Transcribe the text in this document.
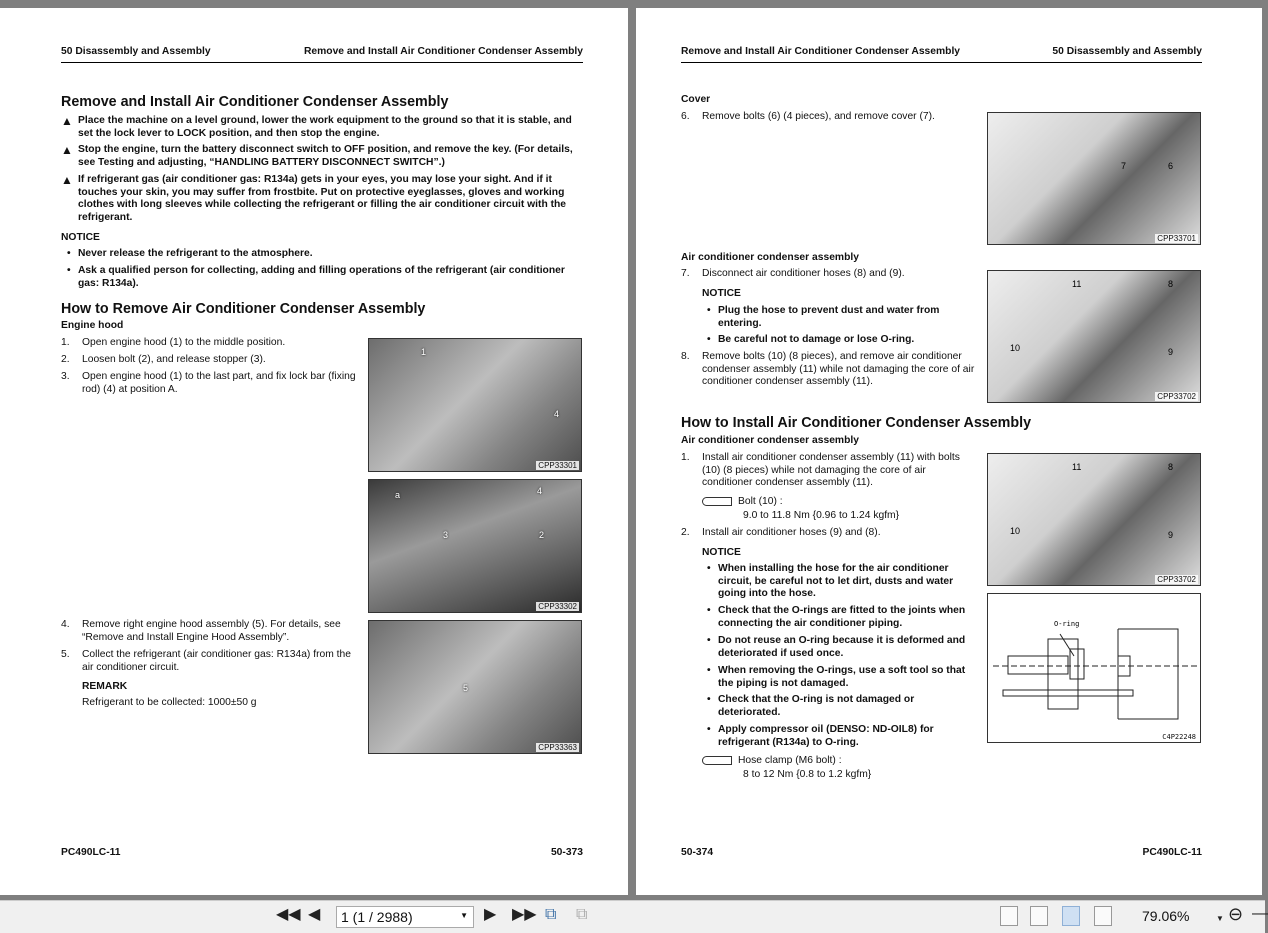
50 Disassembly and Assembly	Remove and Install Air Conditioner Condenser Assembly
Remove and Install Air Conditioner Condenser Assembly
▲ Place the machine on a level ground, lower the work equipment to the ground so that it is stable, and set the lock lever to LOCK position, and then stop the engine.
▲ Stop the engine, turn the battery disconnect switch to OFF position, and remove the key. (For details, see Testing and adjusting, “HANDLING BATTERY DISCONNECT SWITCH”.)
▲ If refrigerant gas (air conditioner gas: R134a) gets in your eyes, you may lose your sight. And if it touches your skin, you may suffer from frostbite. Put on protective eyeglasses, gloves and working clothes with long sleeves while collecting the refrigerant or filling the air conditioner circuit with the refrigerant.
NOTICE
• Never release the refrigerant to the atmosphere.
• Ask a qualified person for collecting, adding and filling operations of the refrigerant (air conditioner gas: R134a).
How to Remove Air Conditioner Condenser Assembly
Engine hood
1. Open engine hood (1) to the middle position.
2. Loosen bolt (2), and release stopper (3).
3. Open engine hood (1) to the last part, and fix lock bar (fixing rod) (4) at position A.
4. Remove right engine hood assembly (5). For details, see “Remove and Install Engine Hood Assembly”.
5. Collect the refrigerant (air conditioner gas: R134a) from the air conditioner circuit.
REMARK
Refrigerant to be collected: 1000±50 g
1
4
CPP33301
a	4
3	2
CPP33302
5
CPP33363
PC490LC-11	50-373
Remove and Install Air Conditioner Condenser Assembly	50 Disassembly and Assembly
Cover
6. Remove bolts (6) (4 pieces), and remove cover (7).
Air conditioner condenser assembly
7. Disconnect air conditioner hoses (8) and (9).
NOTICE
• Plug the hose to prevent dust and water from entering.
• Be careful not to damage or lose O-ring.
8. Remove bolts (10) (8 pieces), and remove air conditioner condenser assembly (11) while not damaging the core of air conditioner condenser assembly (11).
How to Install Air Conditioner Condenser Assembly
Air conditioner condenser assembly
1. Install air conditioner condenser assembly (11) with bolts (10) (8 pieces) while not damaging the core of air conditioner condenser assembly (11).
Bolt (10) :
9.0 to 11.8 Nm {0.96 to 1.24 kgfm}
2. Install air conditioner hoses (9) and (8).
NOTICE
• When installing the hose for the air conditioner circuit, be careful not to let dirt, dusts and water going into the hose.
• Check that the O-rings are fitted to the joints when connecting the air conditioner piping.
• Do not reuse an O-ring because it is deformed and deteriorated if used once.
• When removing the O-rings, use a soft tool so that the piping is not damaged.
• Check that the O-ring is not damaged or deteriorated.
• Apply compressor oil (DENSO: ND-OIL8) for refrigerant (R134a) to O-ring.
Hose clamp (M6 bolt) :
8 to 12 Nm {0.8 to 1.2 kgfm}
7	6
CPP33701
11	8
10	9
CPP33702
11	8
10	9
CPP33702
O-ring
C4P22248
50-374	PC490LC-11
◀◀ ◀	1 (1 / 2988)	▼ ▶ ▶▶ ⧉ ⧉	79.06%	▼ ⊖ —
